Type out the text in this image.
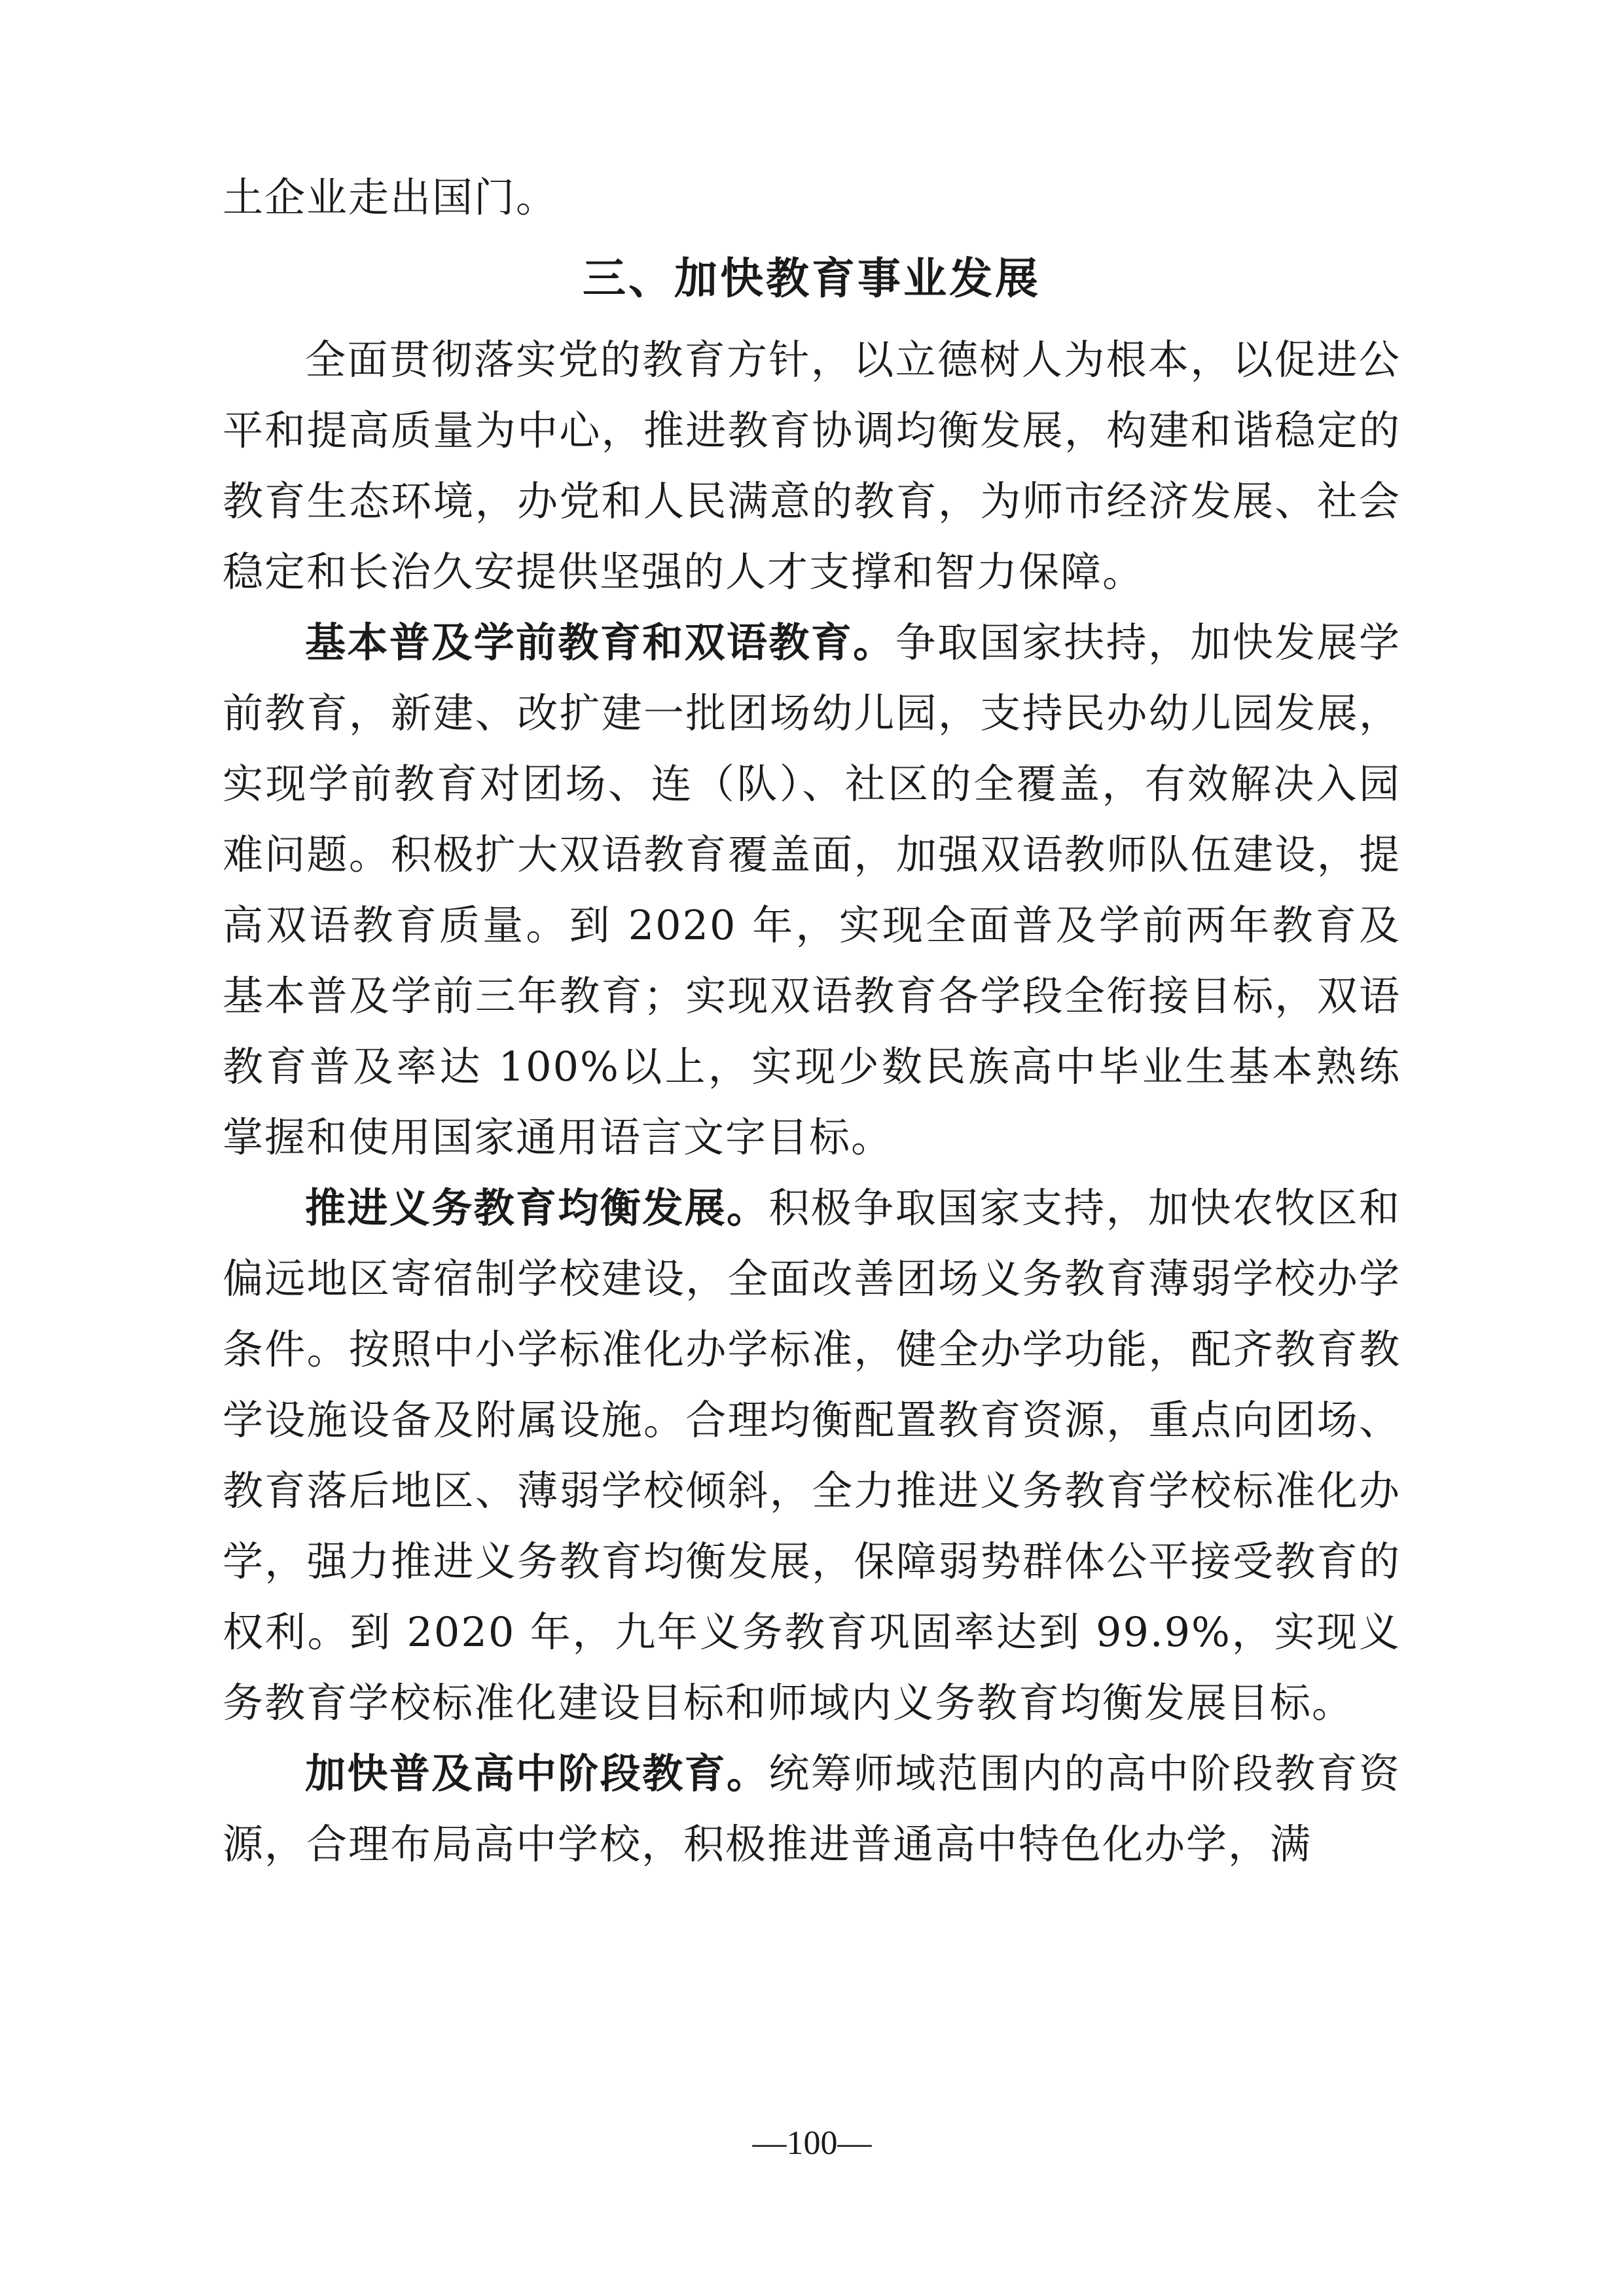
土企业走出国门。

三、加快教育事业发展

全面贯彻落实党的教育方针，以立德树人为根本，以促进公平和提高质量为中心，推进教育协调均衡发展，构建和谐稳定的教育生态环境，办党和人民满意的教育，为师市经济发展、社会稳定和长治久安提供坚强的人才支撑和智力保障。

基本普及学前教育和双语教育。争取国家扶持，加快发展学前教育，新建、改扩建一批团场幼儿园，支持民办幼儿园发展，实现学前教育对团场、连（队）、社区的全覆盖，有效解决入园难问题。积极扩大双语教育覆盖面，加强双语教师队伍建设，提高双语教育质量。到 2020 年，实现全面普及学前两年教育及基本普及学前三年教育；实现双语教育各学段全衔接目标，双语教育普及率达 100%以上，实现少数民族高中毕业生基本熟练掌握和使用国家通用语言文字目标。

推进义务教育均衡发展。积极争取国家支持，加快农牧区和偏远地区寄宿制学校建设，全面改善团场义务教育薄弱学校办学条件。按照中小学标准化办学标准，健全办学功能，配齐教育教学设施设备及附属设施。合理均衡配置教育资源，重点向团场、教育落后地区、薄弱学校倾斜，全力推进义务教育学校标准化办学，强力推进义务教育均衡发展，保障弱势群体公平接受教育的权利。到 2020 年，九年义务教育巩固率达到 99.9%，实现义务教育学校标准化建设目标和师域内义务教育均衡发展目标。

加快普及高中阶段教育。统筹师域范围内的高中阶段教育资源，合理布局高中学校，积极推进普通高中特色化办学，满

—100—
